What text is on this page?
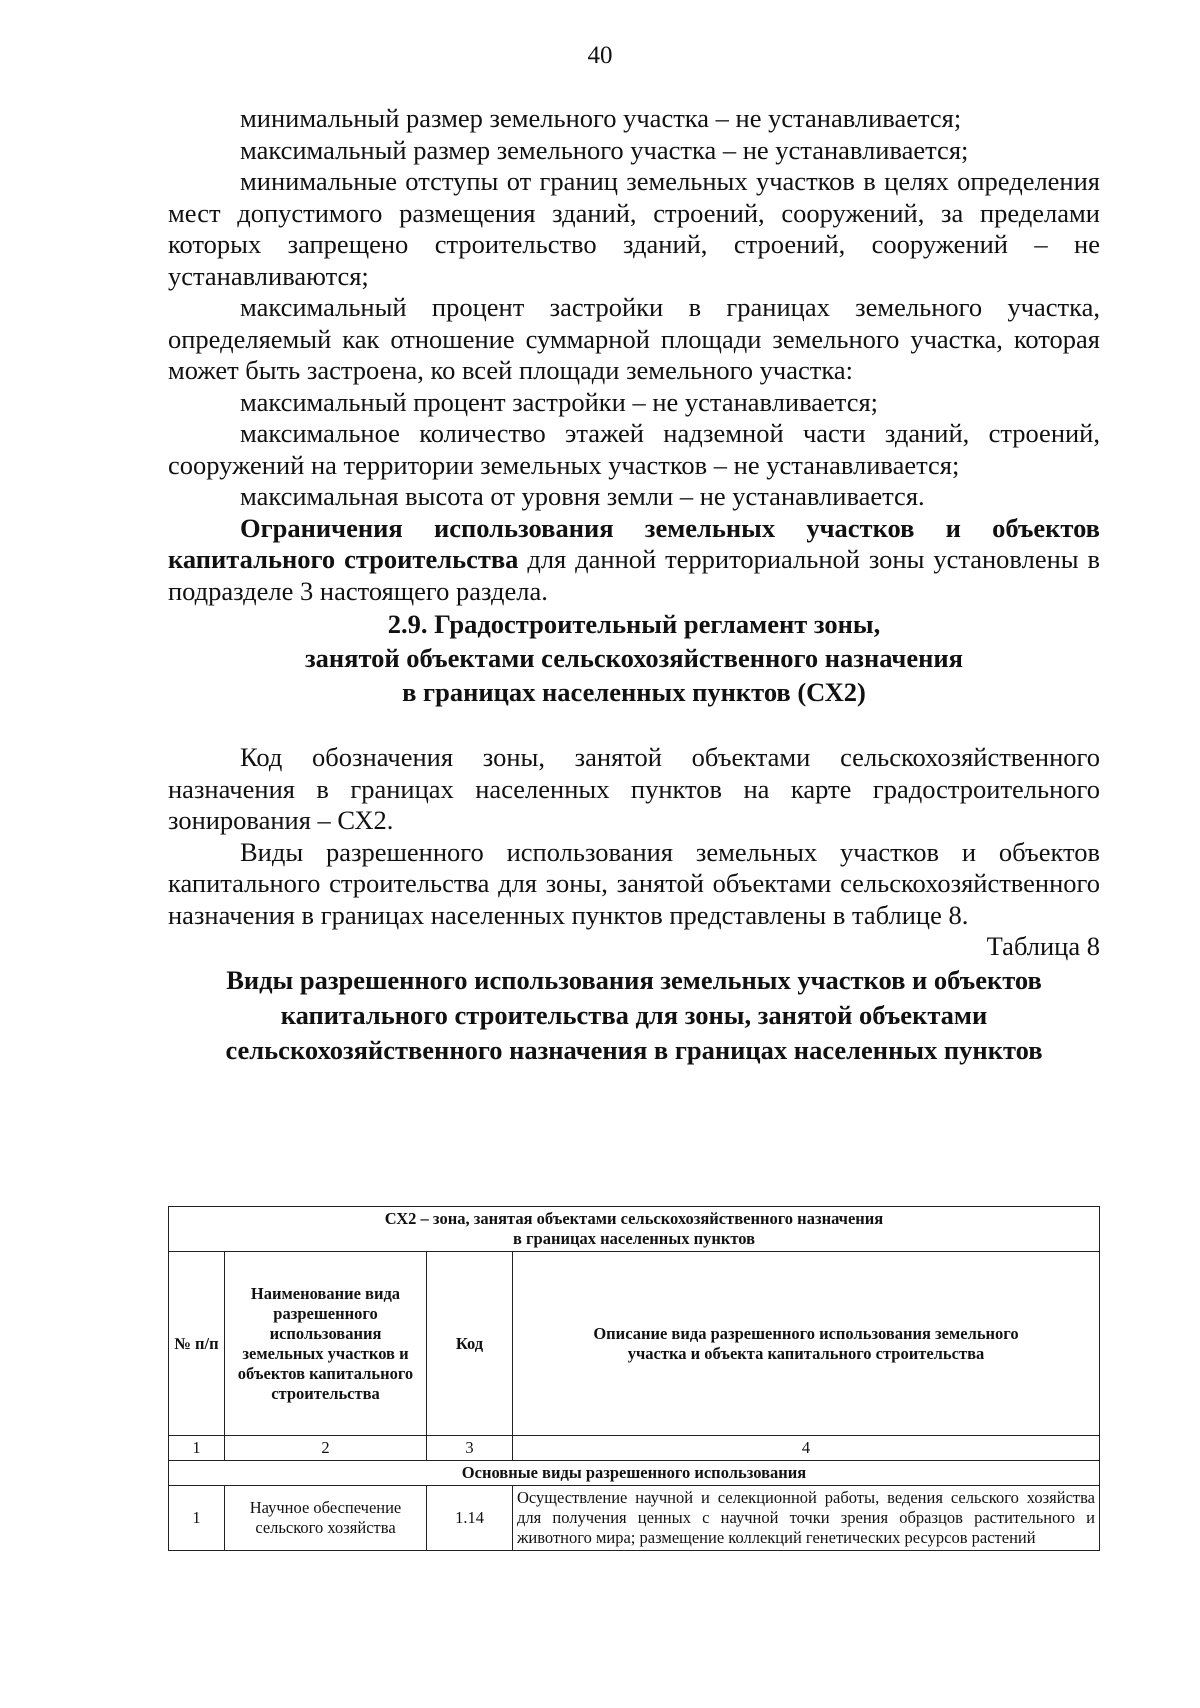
40

минимальный размер земельного участка – не устанавливается;

максимальный размер земельного участка – не устанавливается;

минимальные отступы от границ земельных участков в целях определения мест допустимого размещения зданий, строений, сооружений, за пределами которых запрещено строительство зданий, строений, сооружений – не устанавливаются;

максимальный процент застройки в границах земельного участка, определяемый как отношение суммарной площади земельного участка, которая может быть застроена, ко всей площади земельного участка:

максимальный процент застройки – не устанавливается;

максимальное количество этажей надземной части зданий, строений, сооружений на территории земельных участков – не устанавливается;

максимальная высота от уровня земли – не устанавливается.

Ограничения использования земельных участков и объектов капитального строительства для данной территориальной зоны установлены в подразделе 3 настоящего раздела.

2.9. Градостроительный регламент зоны,
занятой объектами сельскохозяйственного назначения
в границах населенных пунктов (СХ2)

Код обозначения зоны, занятой объектами сельскохозяйственного назначения в границах населенных пунктов на карте градостроительного зонирования – СХ2.

Виды разрешенного использования земельных участков и объектов капитального строительства для зоны, занятой объектами сельскохозяйственного назначения в границах населенных пунктов представлены в таблице 8.

Таблица 8

Виды разрешенного использования земельных участков и объектов
капитального строительства для зоны, занятой объектами
сельскохозяйственного назначения в границах населенных пунктов

СХ2 – зона, занятая объектами сельскохозяйственного назначения
в границах населенных пунктов			

№ п/п	Наименование вида разрешенного использования земельных участков и объектов капитального строительства	Код	Описание вида разрешенного использования земельного участка и объекта капитального строительства
1	2	3	4
Основные виды разрешенного использования			
1	Научное обеспечение сельского хозяйства	1.14	Осуществление научной и селекционной работы, ведения сельского хозяйства для получения ценных с научной точки зрения образцов растительного и животного мира; размещение коллекций генетических ресурсов растений
